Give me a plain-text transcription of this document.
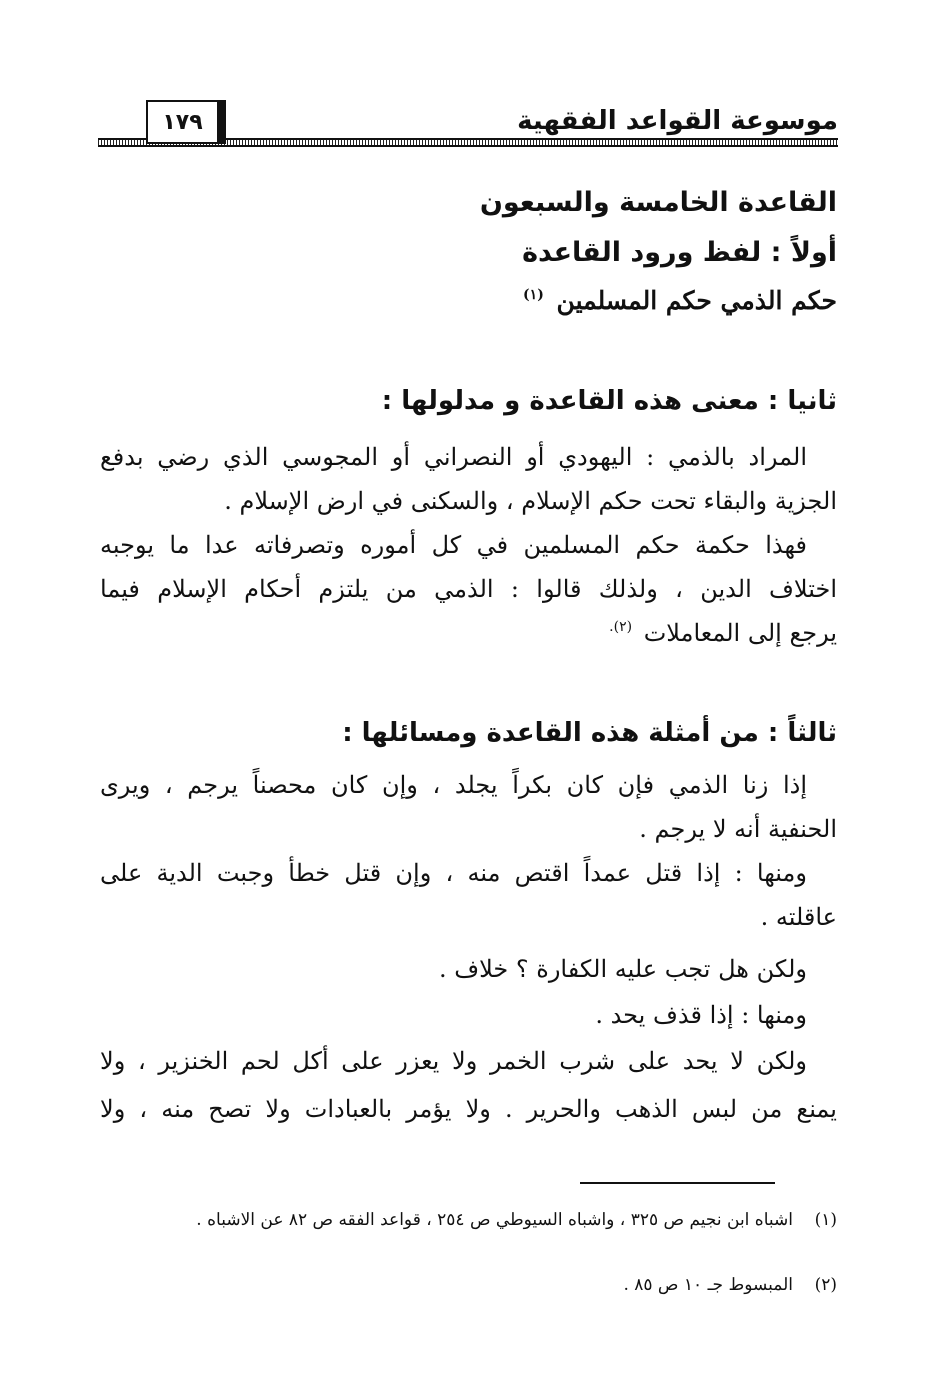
موسوعة القواعد الفقهية
١٧٩
القاعدة الخامسة والسبعون
أولاً : لفظ ورود القاعدة
حكم الذمي حكم المسلمين $^{(١)}$
ثانيا : معنى هذه القاعدة و مدلولها :
المراد بالذمي : اليهودي أو النصراني أو المجوسي الذي رضي بدفع
الجزية والبقاء تحت حكم الإسلام ، والسكنى في ارض الإسلام .
فهذا حكمة حكم المسلمين في كل أموره وتصرفاته عدا ما يوجبه
اختلاف الدين ، ولذلك قالوا : الذمي من يلتزم أحكام الإسلام فيما
يرجع إلى المعاملات $^{(٢).}$
ثالثاً : من أمثلة هذه القاعدة ومسائلها :
إذا زنا الذمي فإن كان بكراً يجلد ، وإن كان محصناً يرجم ، ويرى
الحنفية أنه لا يرجم .
ومنها : إذا قتل عمداً اقتص منه ، وإن قتل خطأ وجبت الدية على
عاقلته .
ولكن هل تجب عليه الكفارة ؟ خلاف .
ومنها : إذا قذف يحد .
ولكن لا يحد على شرب الخمر ولا يعزر على أكل لحم الخنزير ، ولا
يمنع من لبس الذهب والحرير . ولا يؤمر بالعبادات ولا تصح منه ، ولا
(١)
اشباه ابن نجيم ص ٣٢٥ ، واشباه السيوطي ص ٢٥٤ ، قواعد الفقه ص ٨٢ عن الاشباه .
(٢)
المبسوط جـ ١٠ ص ٨٥ .
